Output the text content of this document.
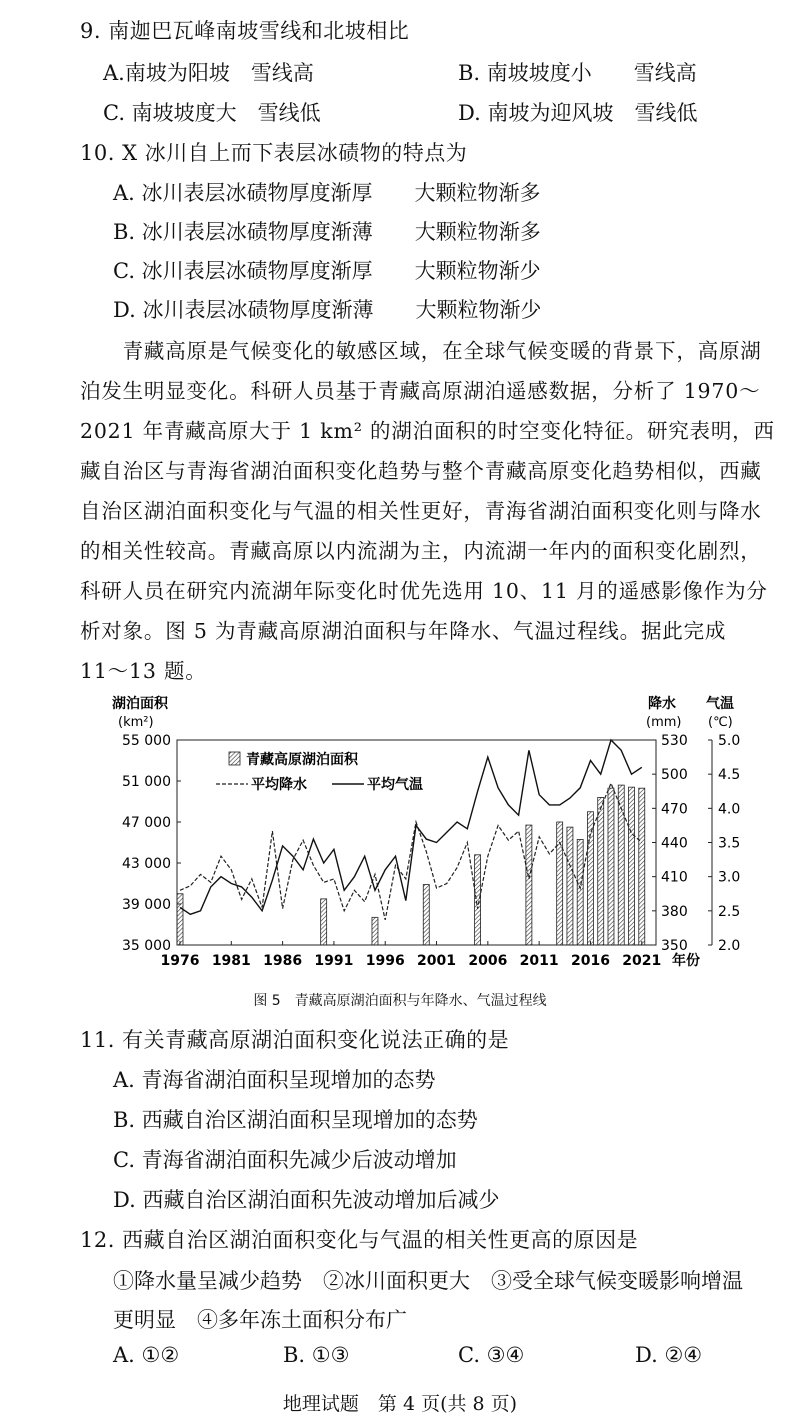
9. 南迦巴瓦峰南坡雪线和北坡相比
A.南坡为阳坡　雪线高	B. 南坡坡度小　　雪线高
C. 南坡坡度大　雪线低	D. 南坡为迎风坡　雪线低
10. X 冰川自上而下表层冰碛物的特点为
A. 冰川表层冰碛物厚度渐厚　　大颗粒物渐多
B. 冰川表层冰碛物厚度渐薄　　大颗粒物渐多
C. 冰川表层冰碛物厚度渐厚　　大颗粒物渐少
D. 冰川表层冰碛物厚度渐薄　　大颗粒物渐少
　　青藏高原是气候变化的敏感区域，在全球气候变暖的背景下，高原湖
泊发生明显变化。科研人员基于青藏高原湖泊遥感数据，分析了 1970～
2021 年青藏高原大于 1 km² 的湖泊面积的时空变化特征。研究表明，西
藏自治区与青海省湖泊面积变化趋势与整个青藏高原变化趋势相似，西藏
自治区湖泊面积变化与气温的相关性更好，青海省湖泊面积变化则与降水
的相关性较高。青藏高原以内流湖为主，内流湖一年内的面积变化剧烈，
科研人员在研究内流湖年际变化时优先选用 10、11 月的遥感影像作为分
析对象。图 5 为青藏高原湖泊面积与年降水、气温过程线。据此完成
11～13 题。
35 000
39 000
43 000
47 000
51 000
55 000
350
380
410
440
470
500
530
2.0
2.5
3.0
3.5
4.0
4.5
5.0
1976 1981 1986 1991 1996 2001 2006 2011 2016 2021 年份
湖泊面积
(km²)
降水
(mm)
气温
(℃)
青藏高原湖泊面积
平均降水	平均气温
图 5　青藏高原湖泊面积与年降水、气温过程线
11. 有关青藏高原湖泊面积变化说法正确的是
A. 青海省湖泊面积呈现增加的态势
B. 西藏自治区湖泊面积呈现增加的态势
C. 青海省湖泊面积先减少后波动增加
D. 西藏自治区湖泊面积先波动增加后减少
12. 西藏自治区湖泊面积变化与气温的相关性更高的原因是
①降水量呈减少趋势　②冰川面积更大　③受全球气候变暖影响增温
更明显　④多年冻土面积分布广
A. ①②	B. ①③	C. ③④	D. ②④
地理试题　第 4 页(共 8 页)
